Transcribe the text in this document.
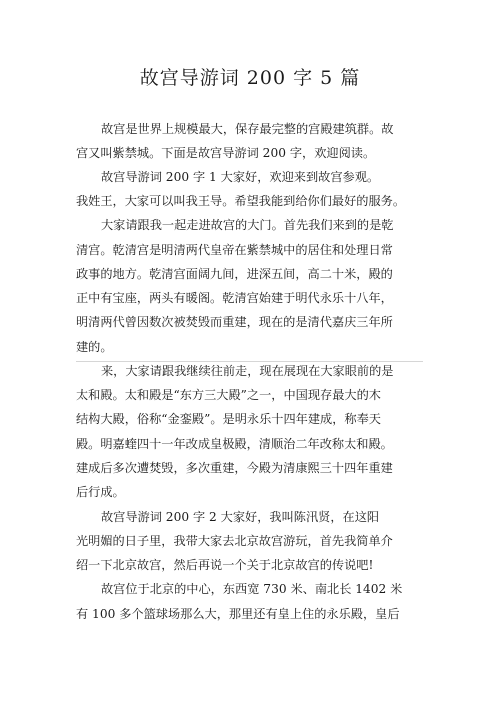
故宫导游词 200 字 5 篇
故宫是世界上规模最大，保存最完整的宫殿建筑群。故
宫又叫紫禁城。下面是故宫导游词 200 字，欢迎阅读。
故宫导游词 200 字 1 大家好，欢迎来到故宫参观。
我姓王，大家可以叫我王导。希望我能到给你们最好的服务。
大家请跟我一起走进故宫的大门。首先我们来到的是乾
清宫。乾清宫是明清两代皇帝在紫禁城中的居住和处理日常
政事的地方。乾清宫面阔九间，进深五间，高二十米，殿的
正中有宝座，两头有暖阁。乾清宫始建于明代永乐十八年，
明清两代曾因数次被焚毁而重建，现在的是清代嘉庆三年所
建的。
来，大家请跟我继续往前走，现在展现在大家眼前的是
太和殿。太和殿是“东方三大殿”之一，中国现存最大的木
结构大殿，俗称“金銮殿”。是明永乐十四年建成，称奉天
殿。明嘉蝰四十一年改成皇极殿，清顺治二年改称太和殿。
建成后多次遭焚毁，多次重建，今殿为清康熙三十四年重建
后行成。
故宫导游词 200 字 2 大家好，我叫陈汛贤，在这阳
光明媚的日子里，我带大家去北京故宫游玩，首先我简单介
绍一下北京故宫，然后再说一个关于北京故宫的传说吧!
故宫位于北京的中心，东西宽 730 米、南北长 1402 米
有 100 多个篮球场那么大，那里还有皇上住的永乐殿，皇后
